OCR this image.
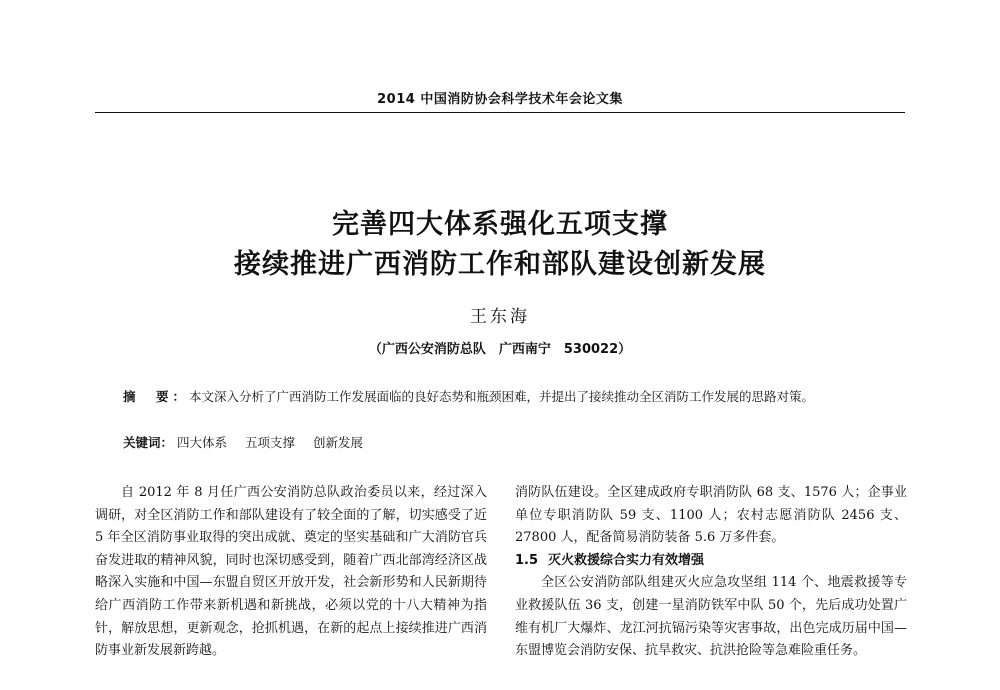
2014 中国消防协会科学技术年会论文集
完善四大体系强化五项支撑
接续推进广西消防工作和部队建设创新发展
王东海
（广西公安消防总队　广西南宁　530022）
摘　要：本文深入分析了广西消防工作发展面临的良好态势和瓶颈困难，并提出了接续推动全区消防工作发展的思路对策。
关键词： 四大体系 五项支撑 创新发展

自 2012 年 8 月任广西公安消防总队政治委员以来，经过深入调研，对全区消防工作和部队建设有了较全面的了解，切实感受了近 5 年全区消防事业取得的突出成就、奠定的坚实基础和广大消防官兵奋发进取的精神风貌，同时也深切感受到，随着广西北部湾经济区战略深入实施和中国—东盟自贸区开放开发，社会新形势和人民新期待给广西消防工作带来新机遇和新挑战，必须以党的十八大精神为指针，解放思想，更新观念，抢抓机遇，在新的起点上接续推进广西消防事业新发展新跨越。

消防队伍建设。全区建成政府专职消防队 68 支、1576 人；企事业单位专职消防队 59 支、1100 人；农村志愿消防队 2456 支、27800 人，配备简易消防装备 5.6 万多件套。

1.5 灭火救援综合实力有效增强

全区公安消防部队组建灭火应急攻坚组 114 个、地震救援等专业救援队伍 36 支，创建一星消防铁军中队 50 个，先后成功处置广维有机厂大爆炸、龙江河抗镉污染等灾害事故，出色完成历届中国—东盟博览会消防安保、抗旱救灾、抗洪抢险等急难险重任务。
